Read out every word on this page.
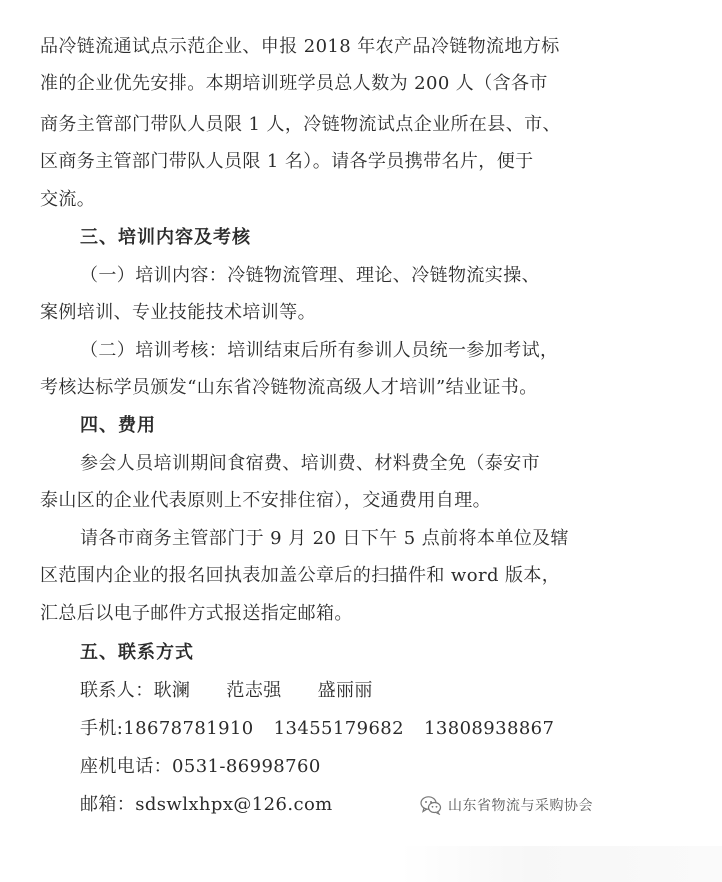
品冷链流通试点示范企业、申报 2018 年农产品冷链物流地方标
准的企业优先安排。本期培训班学员总人数为 200 人（含各市
商务主管部门带队人员限 1 人，冷链物流试点企业所在县、市、
区商务主管部门带队人员限 1 名）。请各学员携带名片，便于
交流。
三、培训内容及考核
（一）培训内容：冷链物流管理、理论、冷链物流实操、
案例培训、专业技能技术培训等。
（二）培训考核：培训结束后所有参训人员统一参加考试，
考核达标学员颁发“山东省冷链物流高级人才培训”结业证书。
四、费用
参会人员培训期间食宿费、培训费、材料费全免（泰安市
泰山区的企业代表原则上不安排住宿），交通费用自理。
请各市商务主管部门于 9 月 20 日下午 5 点前将本单位及辖
区范围内企业的报名回执表加盖公章后的扫描件和 word 版本，
汇总后以电子邮件方式报送指定邮箱。
五、联系方式
联系人：耿澜 范志强 盛丽丽
手机:18678781910 13455179682 13808938867
座机电话：0531-86998760
邮箱：sdswlxhpx@126.com	山东省物流与采购协会
